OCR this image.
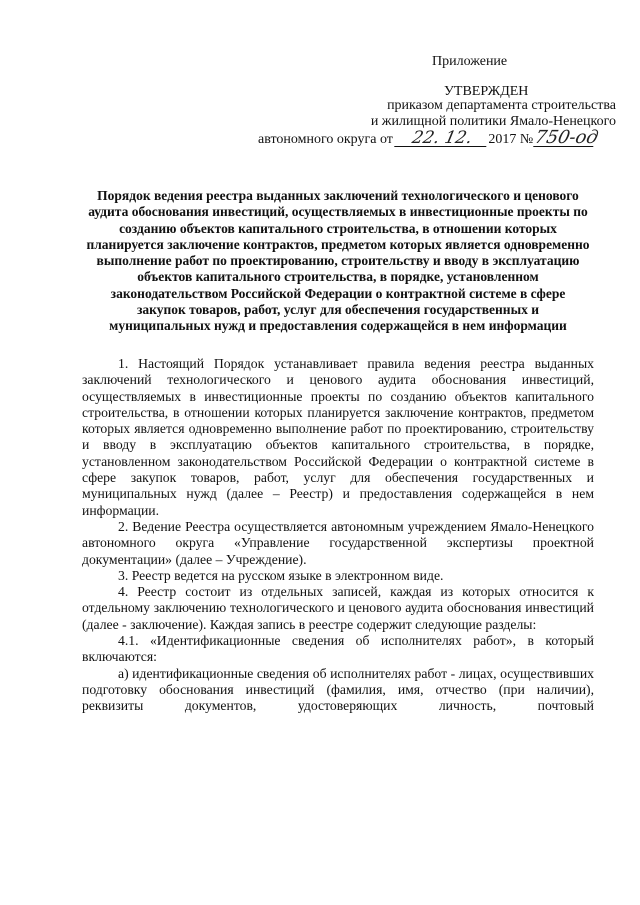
Приложение
УТВЕРЖДЕН
приказом департамента строительства
и жилищной политики Ямало-Ненецкого
автономного округа от 22. 12. 2017 №750-од
Порядок ведения реестра выданных заключений технологического и ценового аудита обоснования инвестиций, осуществляемых в инвестиционные проекты по созданию объектов капитального строительства, в отношении которых планируется заключение контрактов, предметом которых является одновременно выполнение работ по проектированию, строительству и вводу в эксплуатацию объектов капитального строительства, в порядке, установленном законодательством Российской Федерации о контрактной системе в сфере закупок товаров, работ, услуг для обеспечения государственных и муниципальных нужд и предоставления содержащейся в нем информации

1. Настоящий Порядок устанавливает правила ведения реестра выданных заключений технологического и ценового аудита обоснования инвестиций, осуществляемых в инвестиционные проекты по созданию объектов капитального строительства, в отношении которых планируется заключение контрактов, предметом которых является одновременно выполнение работ по проектированию, строительству и вводу в эксплуатацию объектов капитального строительства, в порядке, установленном законодательством Российской Федерации о контрактной системе в сфере закупок товаров, работ, услуг для обеспечения государственных и муниципальных нужд (далее – Реестр) и предоставления содержащейся в нем информации.

2. Ведение Реестра осуществляется автономным учреждением Ямало-Ненецкого автономного округа «Управление государственной экспертизы проектной документации» (далее – Учреждение).

3. Реестр ведется на русском языке в электронном виде.

4. Реестр состоит из отдельных записей, каждая из которых относится к отдельному заключению технологического и ценового аудита обоснования инвестиций (далее - заключение). Каждая запись в реестре содержит следующие разделы:

4.1. «Идентификационные сведения об исполнителях работ», в который включаются:

а) идентификационные сведения об исполнителях работ - лицах, осуществивших подготовку обоснования инвестиций (фамилия, имя, отчество (при наличии), реквизиты документов, удостоверяющих личность, почтовый
